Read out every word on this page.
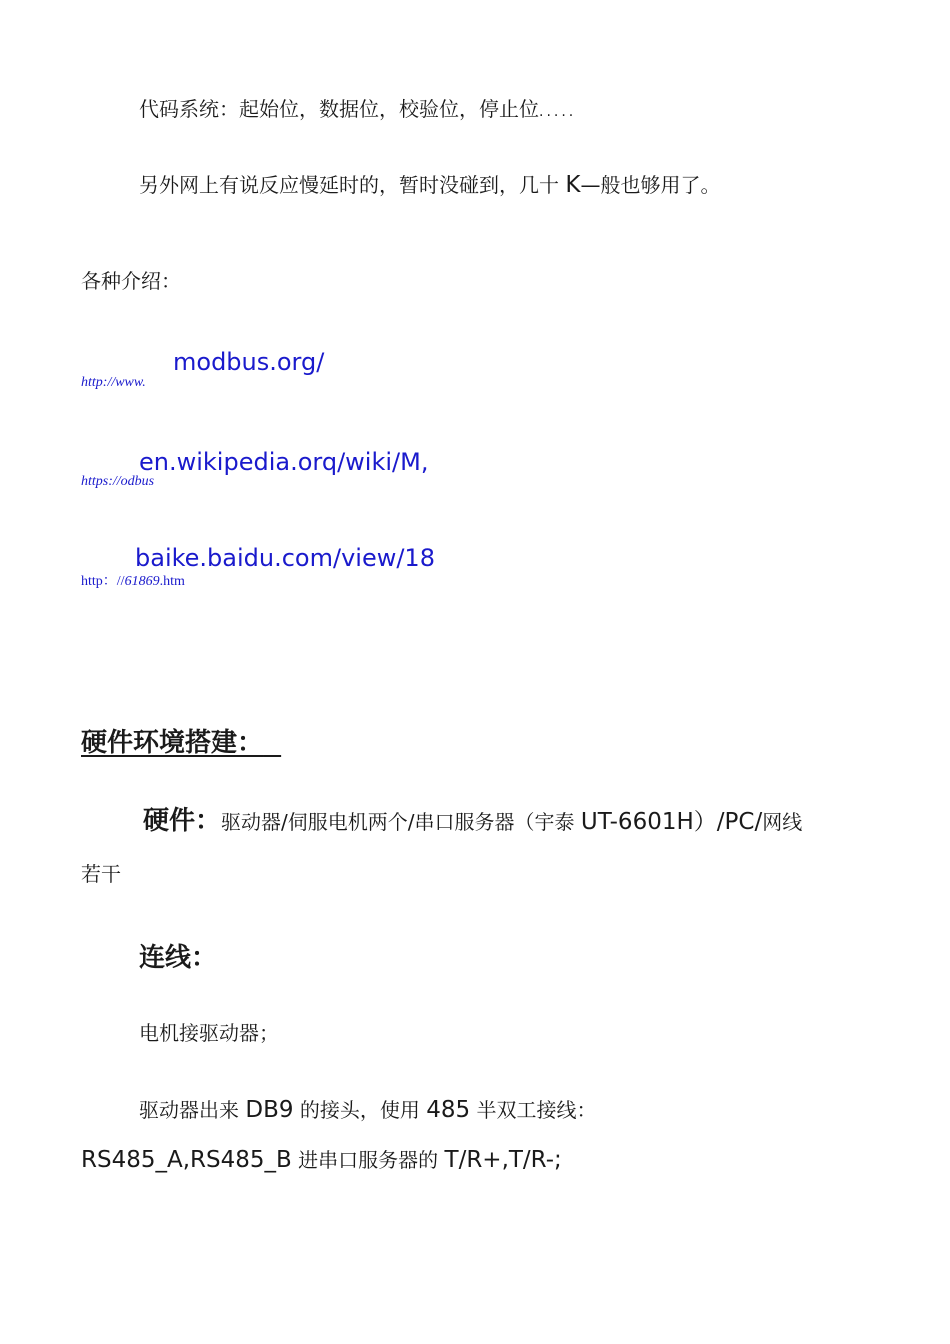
代码系统：起始位，数据位，校验位，停止位.....
另外网上有说反应慢延时的，暂时没碰到，几十 K—般也够用了。
各种介绍：
modbus.org/
http://www.
en.wikipedia.orq/wiki/M,
https://odbus
baike.baidu.com/view/18
http：//61869.htm
硬件环境搭建：
硬件：驱动器/伺服电机两个/串口服务器（宇泰 UT-6601H）/PC/网线
若干
连线：
电机接驱动器；
驱动器出来 DB9 的接头，使用 485 半双工接线：
RS485_A,RS485_B 进串口服务器的 T/R+,T/R-;
